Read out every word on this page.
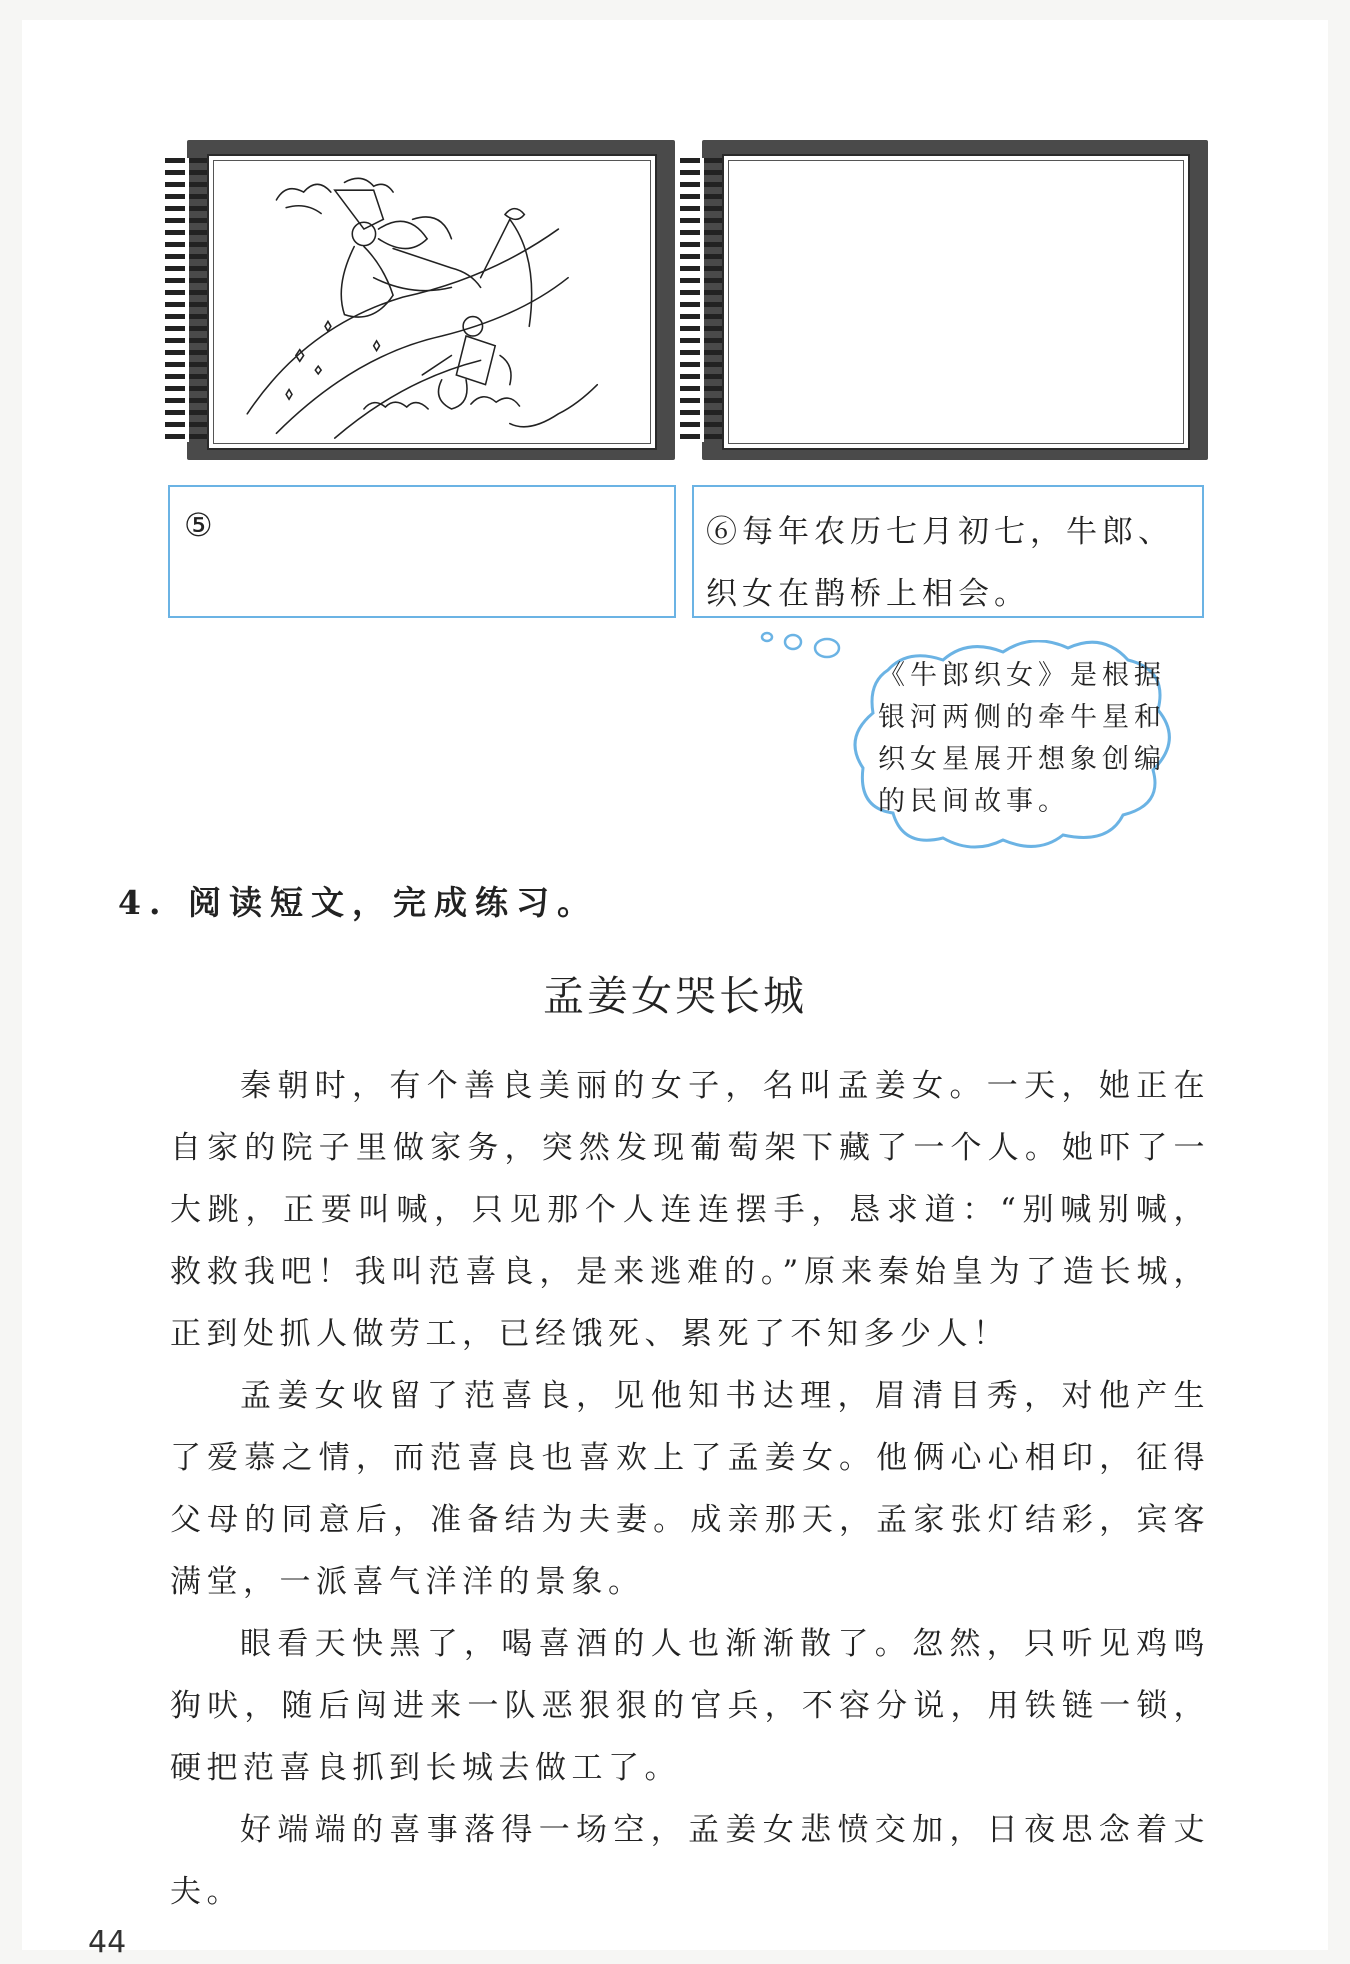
⑤	⑥每年农历七月初七，牛郎、织女在鹊桥上相会。
《牛郎织女》是根据银河两侧的牵牛星和织女星展开想象创编的民间故事。
4. 阅读短文，完成练习。
孟姜女哭长城

秦朝时，有个善良美丽的女子，名叫孟姜女。一天，她正在自家的院子里做家务，突然发现葡萄架下藏了一个人。她吓了一大跳，正要叫喊，只见那个人连连摆手，恳求道：“别喊别喊，救救我吧！我叫范喜良，是来逃难的。”原来秦始皇为了造长城，正到处抓人做劳工，已经饿死、累死了不知多少人！

孟姜女收留了范喜良，见他知书达理，眉清目秀，对他产生了爱慕之情，而范喜良也喜欢上了孟姜女。他俩心心相印，征得父母的同意后，准备结为夫妻。成亲那天，孟家张灯结彩，宾客满堂，一派喜气洋洋的景象。

眼看天快黑了，喝喜酒的人也渐渐散了。忽然，只听见鸡鸣狗吠，随后闯进来一队恶狠狠的官兵，不容分说，用铁链一锁，硬把范喜良抓到长城去做工了。

好端端的喜事落得一场空，孟姜女悲愤交加，日夜思念着丈夫。

44
